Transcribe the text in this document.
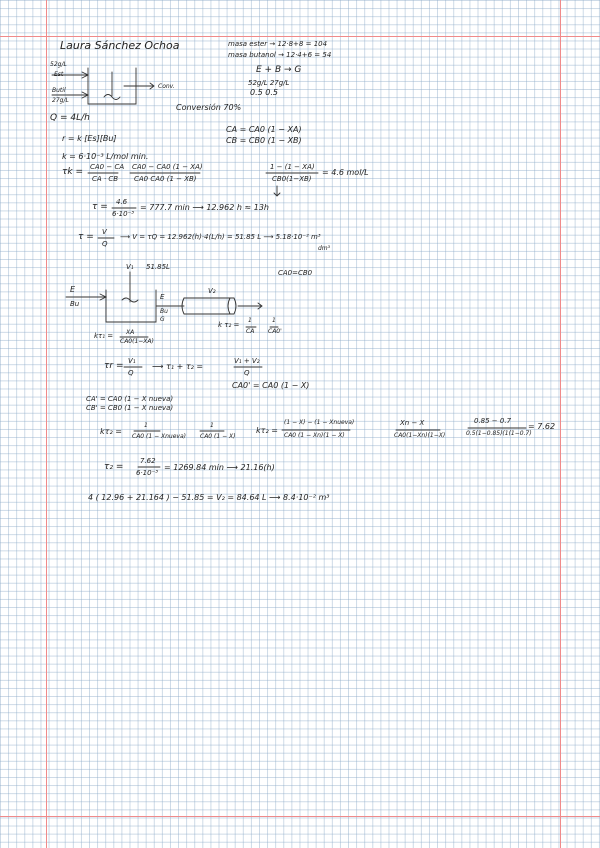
Laura Sánchez Ochoa	masa ester → 12·8+8 = 104
masa butanol → 12·4+6 = 54
E + B → G
52g/L 27g/L
0.5 0.5
Conversión 70%
52g/L
Est
Butil
27g/L
Conv.
Q = 4L/h
r = k [Es][Bu]
CA = CA0 (1 − XA)
CB = CB0 (1 − XB)
k = 6·10⁻³ L/mol min.
τk = CA0 − CA
CA · CB
CA0 − CA0 (1 − XA)
CA0 CA0 (1 − XB)
1 − (1 − XA)
CB0(1−XB)
= 4.6 mol/L
τ = 4.6
6·10⁻³
= 777.7 min ⟶ 12.962 h ≈ 13h
τ = V
Q
⟶ V = τQ = 12.962(h)·4(L/h) = 51.85 L ⟶ 5.18·10⁻² m³
dm³
V₁ 51.85L
V₂
E
Bu
E
Bu
G
CA0=CB0
kτ₁ = XA
CA0(1−XA)
k τ₂ =
1
CA
1
CA0'
τr = V₁
Q
⟶ τ₁ + τ₂ =
V₁ + V₂
Q
CA0' = CA0 (1 − X)
CA' = CA0 (1 − X nueva)
CB' = CB0 (1 − X nueva)
kτ₂ =
1
CA0 (1 − Xnueva)
1
CA0 (1 − X)
kτ₂ =
(1 − X) − (1 − Xnueva)
CA0 (1 − Xn)(1 − X)
Xn − X
CA0(1−Xn)(1−X)
0.85 − 0.7
0.5(1−0.85)(1(1−0.7)
= 7.62
τ₂ =
7.62
6·10⁻³
= 1269.84 min ⟶ 21.16(h)
4 ( 12.96 + 21.164 ) − 51.85 = V₂ = 84.64 L ⟶ 8.4·10⁻² m³
